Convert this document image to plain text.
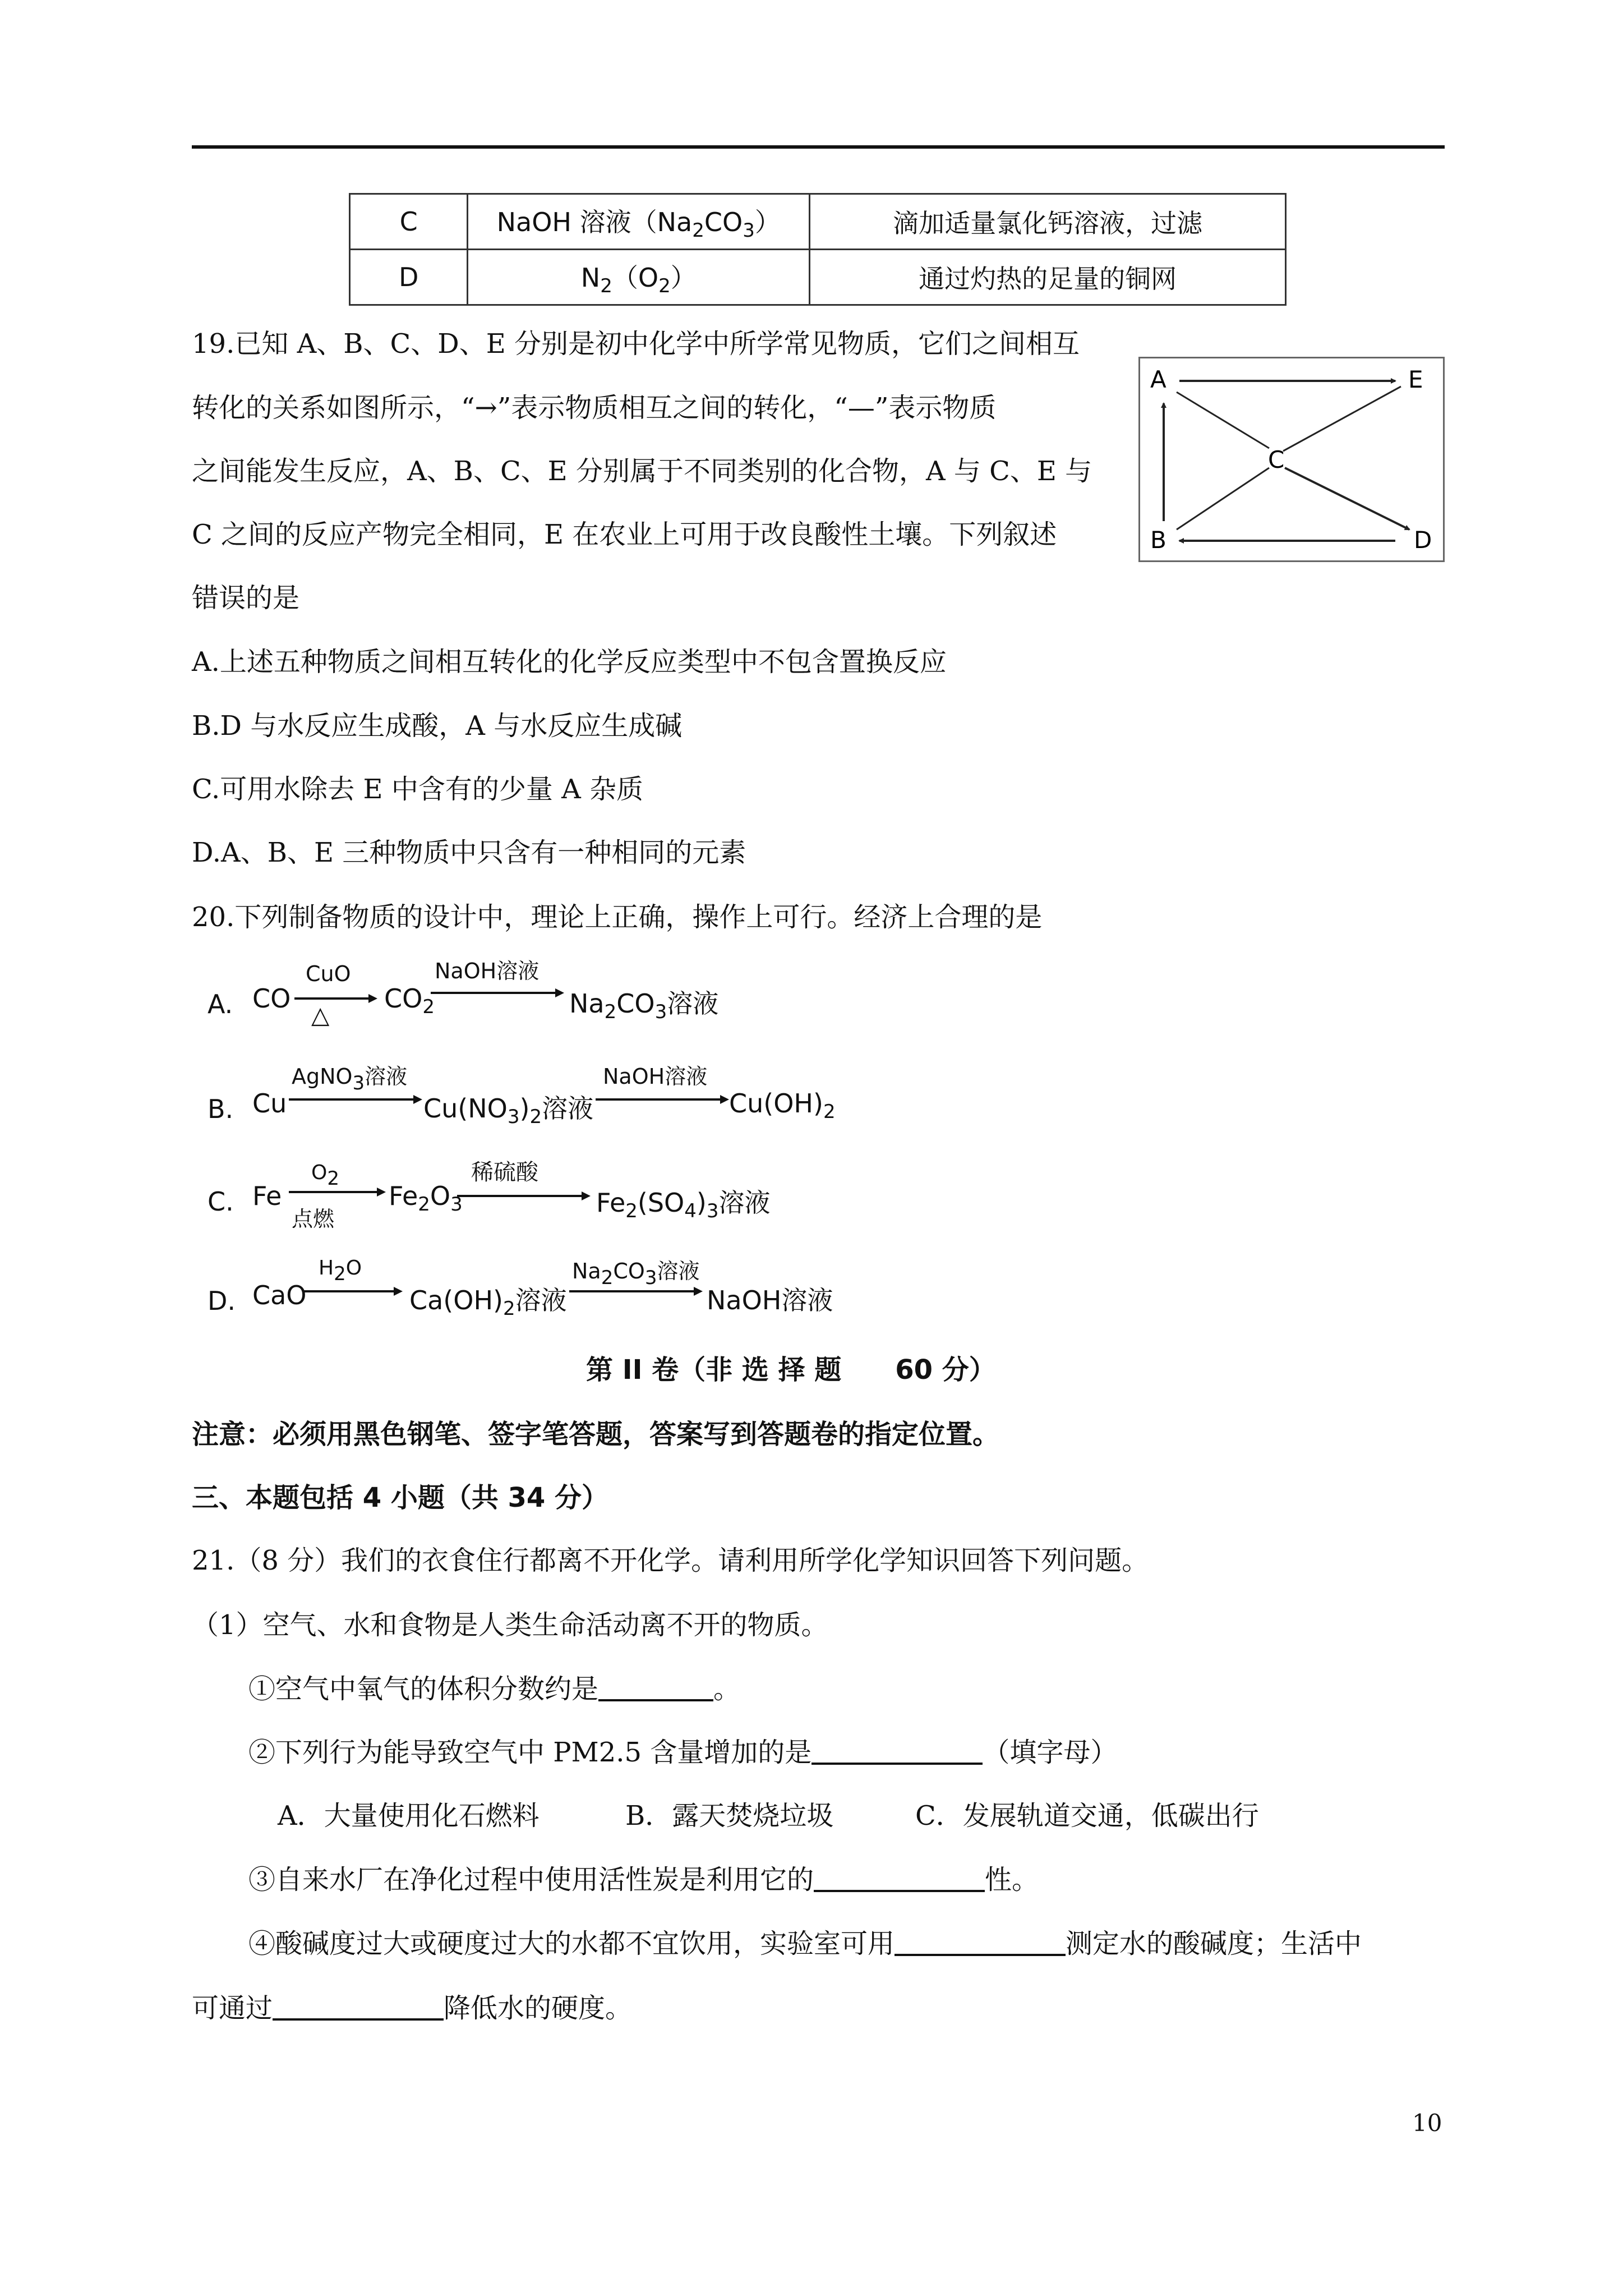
C	NaOH 溶液$(Na_2CO_3)$	滴加适量氯化钙溶液，过滤
D	$N_2(O_2)$	通过灼热的足量的铜网
19.已知 A、B、C、D、E 分别是初中化学中所学常见物质，它们之间相互
转化的关系如图所示，“→”表示物质相互之间的转化，“—”表示物质
之间能发生反应，A、B、C、E 分别属于不同类别的化合物，A 与 C、E 与
C 之间的反应产物完全相同，E 在农业上可用于改良酸性土壤。下列叙述
错误的是
A	E
C
B	D
A.上述五种物质之间相互转化的化学反应类型中不包含置换反应
B.D 与水反应生成酸，A 与水反应生成碱
C.可用水除去 E 中含有的少量 A 杂质
D.A、B、E 三种物质中只含有一种相同的元素
20.下列制备物质的设计中，理论上正确，操作上可行。经济上合理的是
A. CO
CuO
△
$CO_2$
NaOH溶液
$Na_2CO_3$溶液
B. Cu
AgNO3溶液
$Cu(NO_3)_2$溶液
NaOH溶液
$Cu(OH)_2$
C. Fe
O2
点燃
$Fe_2O_3$
稀硫酸
$Fe_2(SO_4)_3$溶液
D. CaO
H2O
$Ca(OH)_2$溶液
Na2CO3溶液
NaOH溶液
第 II 卷（非 选 择 题　　60 分）
注意：必须用黑色钢笔、签字笔答题，答案写到答题卷的指定位置。
三、本题包括 4 小题（共 34 分）
21.（8 分）我们的衣食住行都离不开化学。请利用所学化学知识回答下列问题。
（1）空气、水和食物是人类生命活动离不开的物质。
①空气中氧气的体积分数约是	。
②下列行为能导致空气中 PM2.5 含量增加的是	（填字母）
A．大量使用化石燃料	B．露天焚烧垃圾	C．发展轨道交通，低碳出行
③自来水厂在净化过程中使用活性炭是利用它的	性。
④酸碱度过大或硬度过大的水都不宜饮用，实验室可用	测定水的酸碱度；生活中
可通过	降低水的硬度。
10
